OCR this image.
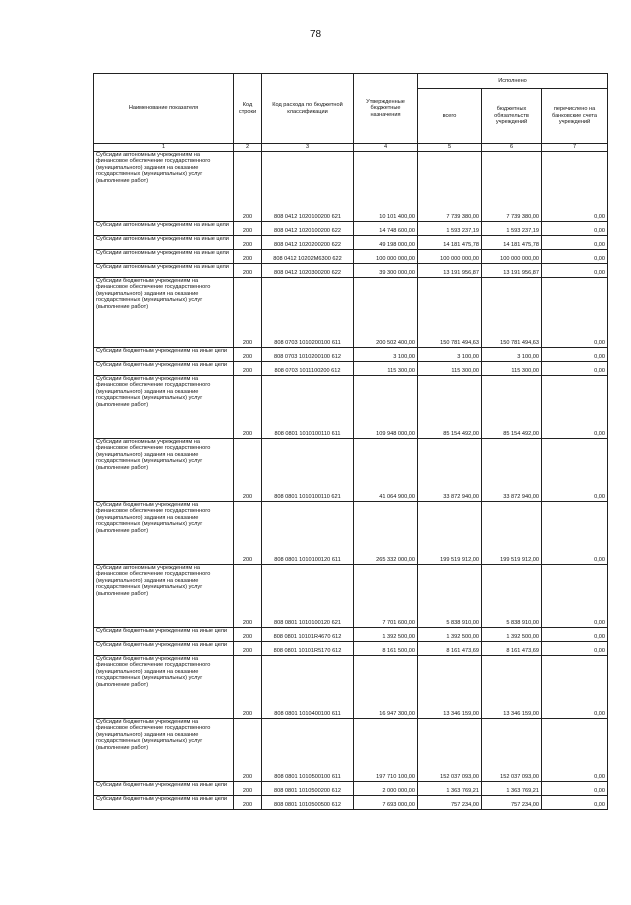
78
Наименование показателя	Код строки	Код расхода по бюджетной классификации	Утвержденные бюджетные назначения	Исполнено		
				всего	бюджетных обязательств учреждений	перечислено на банковские счета учреждений
1	2	3	4	5	6	7
Субсидии автономным учреждениям на финансовое обеспечение государственного (муниципального) задания на оказание государственных (муниципальных) услуг (выполнение работ)	200	808 0412 1020100200 621	10 101 400,00	7 739 380,00	7 739 380,00	0,00
Субсидии автономным учреждениям на иные цели	200	808 0412 1020100200 622	14 748 600,00	1 593 237,19	1 593 237,19	0,00
Субсидии автономным учреждениям на иные цели	200	808 0412 1020200200 622	49 198 000,00	14 181 475,78	14 181 475,78	0,00
Субсидии автономным учреждениям на иные цели	200	808 0412 10202M6300 622	100 000 000,00	100 000 000,00	100 000 000,00	0,00
Субсидии автономным учреждениям на иные цели	200	808 0412 1020300200 622	39 300 000,00	13 191 956,87	13 191 956,87	0,00
Субсидии бюджетным учреждениям на финансовое обеспечение государственного (муниципального) задания на оказание государственных (муниципальных) услуг (выполнение работ)	200	808 0703 1010200100 611	200 502 400,00	150 781 494,63	150 781 494,63	0,00
Субсидии бюджетным учреждениям на иные цели	200	808 0703 1010200100 612	3 100,00	3 100,00	3 100,00	0,00
Субсидии бюджетным учреждениям на иные цели	200	808 0703 1011100200 612	115 300,00	115 300,00	115 300,00	0,00
Субсидии бюджетным учреждениям на финансовое обеспечение государственного (муниципального) задания на оказание государственных (муниципальных) услуг (выполнение работ)	200	808 0801 1010100110 611	109 948 000,00	85 154 492,00	85 154 492,00	0,00
Субсидии автономным учреждениям на финансовое обеспечение государственного (муниципального) задания на оказание государственных (муниципальных) услуг (выполнение работ)	200	808 0801 1010100110 621	41 064 900,00	33 872 940,00	33 872 940,00	0,00
Субсидии бюджетным учреждениям на финансовое обеспечение государственного (муниципального) задания на оказание государственных (муниципальных) услуг (выполнение работ)	200	808 0801 1010100120 611	265 332 000,00	199 519 912,00	199 519 912,00	0,00
Субсидии автономным учреждениям на финансовое обеспечение государственного (муниципального) задания на оказание государственных (муниципальных) услуг (выполнение работ)	200	808 0801 1010100120 621	7 701 600,00	5 838 910,00	5 838 910,00	0,00
Субсидии бюджетным учреждениям на иные цели	200	808 0801 10101R4670 612	1 392 500,00	1 392 500,00	1 392 500,00	0,00
Субсидии бюджетным учреждениям на иные цели	200	808 0801 10101R5170 612	8 161 500,00	8 161 473,69	8 161 473,69	0,00
Субсидии бюджетным учреждениям на финансовое обеспечение государственного (муниципального) задания на оказание государственных (муниципальных) услуг (выполнение работ)	200	808 0801 1010400100 611	16 947 300,00	13 346 159,00	13 346 159,00	0,00
Субсидии бюджетным учреждениям на финансовое обеспечение государственного (муниципального) задания на оказание государственных (муниципальных) услуг (выполнение работ)	200	808 0801 1010500100 611	197 710 100,00	152 037 093,00	152 037 093,00	0,00
Субсидии бюджетным учреждениям на иные цели	200	808 0801 1010500200 612	2 000 000,00	1 363 769,21	1 363 769,21	0,00
Субсидии бюджетным учреждениям на иные цели	200	808 0801 1010500500 612	7 693 000,00	757 234,00	757 234,00	0,00
